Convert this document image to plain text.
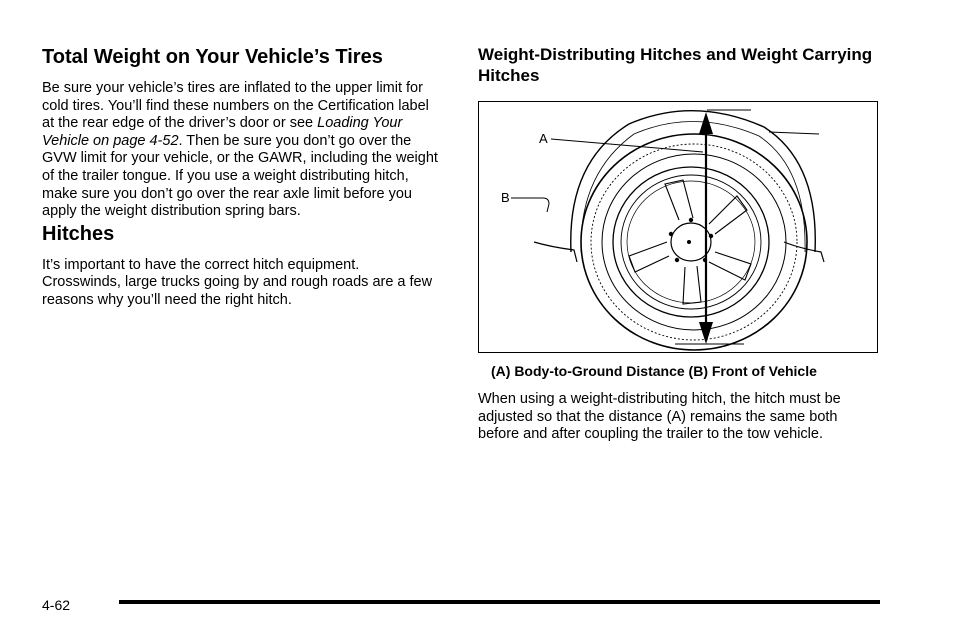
Total Weight on Your Vehicle’s Tires

Be sure your vehicle’s tires are inflated to the upper limit for cold tires. You’ll find these numbers on the Certification label at the rear edge of the driver’s door or see Loading Your Vehicle on page 4-52. Then be sure you don’t go over the GVW limit for your vehicle, or the GAWR, including the weight of the trailer tongue. If you use a weight distributing hitch, make sure you don’t go over the rear axle limit before you apply the weight distribution spring bars.

Hitches

It’s important to have the correct hitch equipment. Crosswinds, large trucks going by and rough roads are a few reasons why you’ll need the right hitch.

Weight-Distributing Hitches and Weight Carrying Hitches
A
B
(A) Body-to-Ground Distance (B) Front of Vehicle

When using a weight-distributing hitch, the hitch must be adjusted so that the distance (A) remains the same both before and after coupling the trailer to the tow vehicle.

4-62
